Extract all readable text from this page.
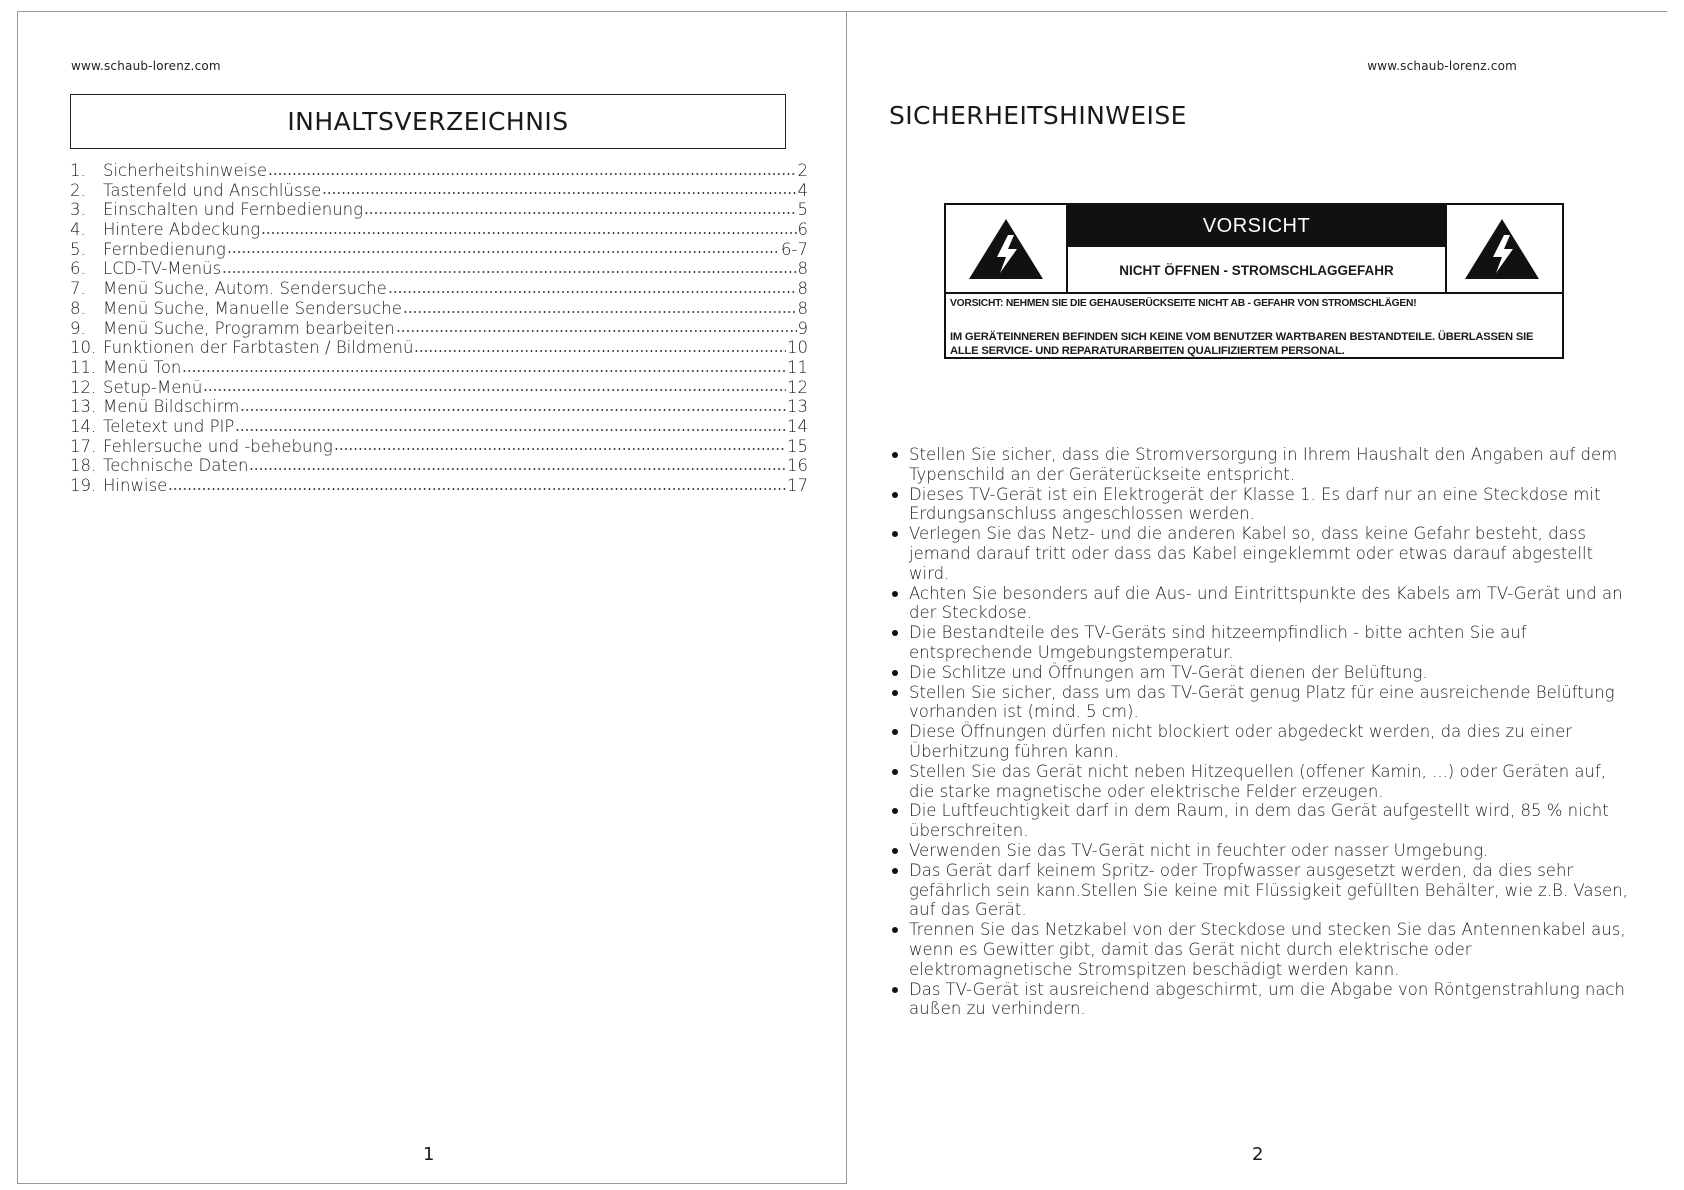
www.schaub-lorenz.com
INHALTSVERZEICHNIS
1.	Sicherheitshinweise	2
2.	Tastenfeld und Anschlüsse	4
3.	Einschalten und Fernbedienung	5
4.	Hintere Abdeckung	6
5.	Fernbedienung	6-7
6.	LCD-TV-Menüs	8
7.	Menü Suche, Autom. Sendersuche	8
8.	Menü Suche, Manuelle Sendersuche	8
9.	Menü Suche, Programm bearbeiten	9
10. Funktionen der Farbtasten / Bildmenü	10
11. Menü Ton	11
12. Setup-Menü	12
13. Menü Bildschirm	13
14. Teletext und PIP	14
17. Fehlersuche und -behebung	15
18. Technische Daten	16
19. Hinwise	17
1
www.schaub-lorenz.com
SICHERHEITSHINWEISE
VORSICHT
NICHT ÖFFNEN - STROMSCHLAGGEFAHR
VORSICHT: NEHMEN SIE DIE GEHAUSERÜCKSEITE NICHT AB - GEFAHR VON STROMSCHLÄGEN!
IM GERÄTEINNEREN BEFINDEN SICH KEINE VOM BENUTZER WARTBAREN BESTANDTEILE. ÜBERLASSEN SIE ALLE SERVICE- UND REPARATURARBEITEN QUALIFIZIERTEM PERSONAL.
Stellen Sie sicher, dass die Stromversorgung in Ihrem Haushalt den Angaben auf dem Typenschild an der Geräterückseite entspricht.
Dieses TV-Gerät ist ein Elektrogerät der Klasse 1. Es darf nur an eine Steckdose mit Erdungsanschluss angeschlossen werden.
Verlegen Sie das Netz- und die anderen Kabel so, dass keine Gefahr besteht, dass jemand darauf tritt oder dass das Kabel eingeklemmt oder etwas darauf abgestellt wird.
Achten Sie besonders auf die Aus- und Eintrittspunkte des Kabels am TV-Gerät und an der Steckdose.
Die Bestandteile des TV-Geräts sind hitzeempfindlich - bitte achten Sie auf entsprechende Umgebungstemperatur.
Die Schlitze und Öffnungen am TV-Gerät dienen der Belüftung.
Stellen Sie sicher, dass um das TV-Gerät genug Platz für eine ausreichende Belüftung vorhanden ist (mind. 5 cm).
Diese Öffnungen dürfen nicht blockiert oder abgedeckt werden, da dies zu einer Überhitzung führen kann.
Stellen Sie das Gerät nicht neben Hitzequellen (offener Kamin, ...) oder Geräten auf, die starke magnetische oder elektrische Felder erzeugen.
Die Luftfeuchtigkeit darf in dem Raum, in dem das Gerät aufgestellt wird, 85 % nicht überschreiten.
Verwenden Sie das TV-Gerät nicht in feuchter oder nasser Umgebung.
Das Gerät darf keinem Spritz- oder Tropfwasser ausgesetzt werden, da dies sehr gefährlich sein kann.Stellen Sie keine mit Flüssigkeit gefüllten Behälter, wie z.B. Vasen, auf das Gerät.
Trennen Sie das Netzkabel von der Steckdose und stecken Sie das Antennenkabel aus, wenn es Gewitter gibt, damit das Gerät nicht durch elektrische oder elektromagnetische Stromspitzen beschädigt werden kann.
Das TV-Gerät ist ausreichend abgeschirmt, um die Abgabe von Röntgenstrahlung nach außen zu verhindern.
2
